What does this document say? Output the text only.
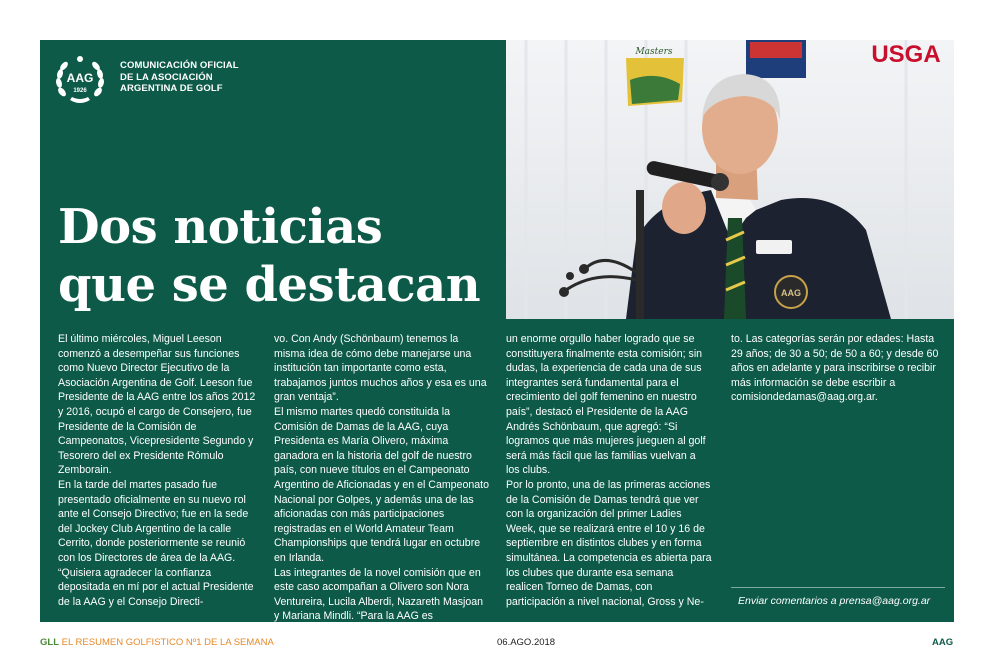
AAG
1926
COMUNICACIÓN OFICIAL
DE LA ASOCIACIÓN
ARGENTINA DE GOLF
Masters	USGA
AAG
Dos noticias
que se destacan

El último miércoles, Miguel Leeson comenzó a desempeñar sus funciones como Nuevo Director Ejecutivo de la Asociación Argentina de Golf. Leeson fue Presidente de la AAG entre los años 2012 y 2016, ocupó el cargo de Consejero, fue Presidente de la Comisión de Campeonatos, Vicepresidente Segundo y Tesorero del ex Presidente Rómulo Zemborain.

En la tarde del martes pasado fue presentado oficialmente en su nuevo rol ante el Consejo Directivo; fue en la sede del Jockey Club Argentino de la calle Cerrito, donde posteriormente se reunió con los Directores de área de la AAG. “Quisiera agradecer la confianza depositada en mí por el actual Presidente de la AAG y el Consejo Directi-

vo. Con Andy (Schönbaum) tenemos la misma idea de cómo debe manejarse una institución tan importante como esta, trabajamos juntos muchos años y esa es una gran ventaja”.

El mismo martes quedó constituida la Comisión de Damas de la AAG, cuya Presidenta es María Olivero, máxima ganadora en la historia del golf de nuestro país, con nueve títulos en el Campeonato Argentino de Aficionadas y en el Campeonato Nacional por Golpes, y además una de las aficionadas con más participaciones registradas en el World Amateur Team Championships que tendrá lugar en octubre en Irlanda.

Las integrantes de la novel comisión que en este caso acompañan a Olivero son Nora Ventureira, Lucila Alberdi, Nazareth Masjoan y Mariana Mindli. “Para la AAG es

un enorme orgullo haber logrado que se constituyera finalmente esta comisión; sin dudas, la experiencia de cada una de sus integrantes será fundamental para el crecimiento del golf femenino en nuestro país”, destacó el Presidente de la AAG Andrés Schönbaum, que agregó: “Si logramos que más mujeres jueguen al golf será más fácil que las familias vuelvan a los clubs.

Por lo pronto, una de las primeras acciones de la Comisión de Damas tendrá que ver con la organización del primer Ladies Week, que se realizará entre el 10 y 16 de septiembre en distintos clubes y en forma simultánea. La competencia es abierta para los clubes que durante esa semana realicen Torneo de Damas, con participación a nivel nacional, Gross y Ne-

to. Las categorías serán por edades: Hasta 29 años; de 30 a 50; de 50 a 60; y desde 60 años en adelante y para inscribirse o recibir más información se debe escribir a comisiondedamas@aag.org.ar.

Enviar comentarios a prensa@aag.org.ar
GLL EL RESUMEN GOLFISTICO Nº1 DE LA SEMANA	06.AGO.2018	AAG
